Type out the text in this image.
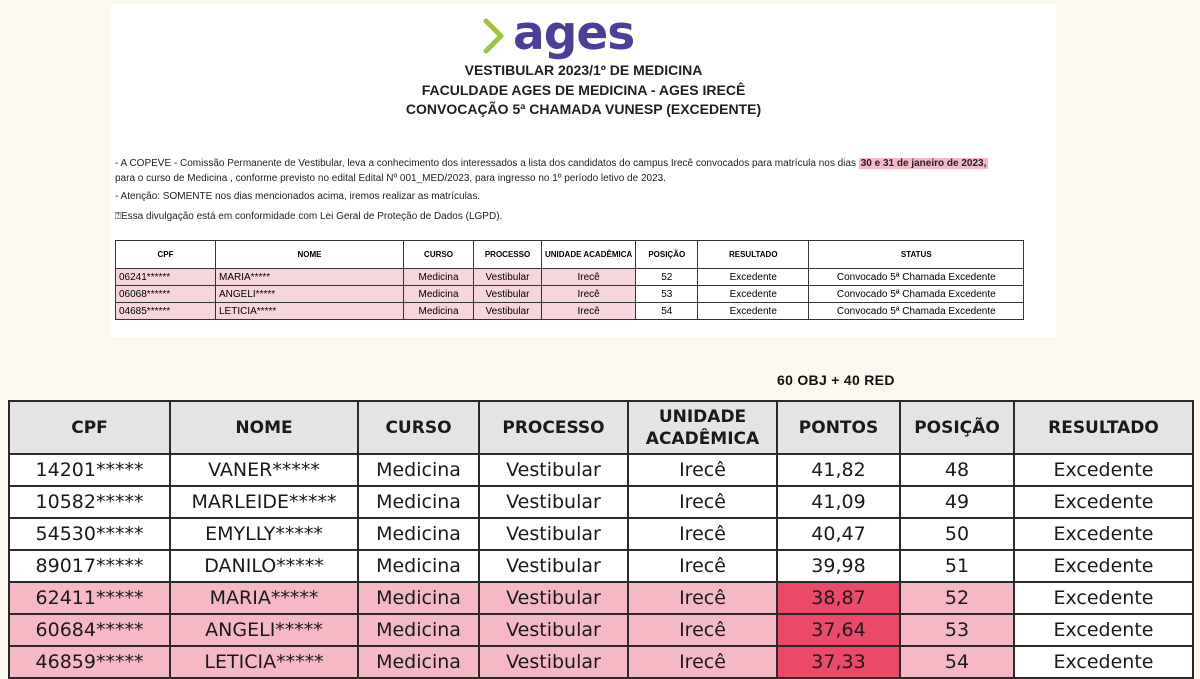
ages
VESTIBULAR 2023/1º DE MEDICINA
FACULDADE AGES DE MEDICINA - AGES IRECÊ
CONVOCAÇÃO 5ª CHAMADA VUNESP (EXCEDENTE)
- A COPEVE - Comissão Permanente de Vestibular, leva a conhecimento dos interessados a lista dos candidatos do campus Irecê convocados para matrícula nos dias 30 e 31 de janeiro de 2023,
para o curso de Medicina , conforme previsto no edital Edital Nº 001_MED/2023, para ingresso no 1º período letivo de 2023.
- Atenção: SOMENTE nos dias mencionados acima, iremos realizar as matrículas.
⍰Essa divulgação está em conformidade com Lei Geral de Proteção de Dados (LGPD).
CPF	NOME	CURSO	PROCESSO	UNIDADE ACADÊMICA	POSIÇÃO	RESULTADO	STATUS
06241******	MARIA*****	Medicina	Vestibular	Irecê	52	Excedente	Convocado 5ª Chamada Excedente
06068******	ANGELI*****	Medicina	Vestibular	Irecê	53	Excedente	Convocado 5ª Chamada Excedente
04685******	LETICIA*****	Medicina	Vestibular	Irecê	54	Excedente	Convocado 5ª Chamada Excedente
60 OBJ + 40 RED
CPF	NOME	CURSO	PROCESSO	UNIDADE ACADÊMICA	PONTOS	POSIÇÃO	RESULTADO
14201*****	VANER*****	Medicina	Vestibular	Irecê	41,82	48	Excedente
10582*****	MARLEIDE*****	Medicina	Vestibular	Irecê	41,09	49	Excedente
54530*****	EMYLLY*****	Medicina	Vestibular	Irecê	40,47	50	Excedente
89017*****	DANILO*****	Medicina	Vestibular	Irecê	39,98	51	Excedente
62411*****	MARIA*****	Medicina	Vestibular	Irecê	38,87	52	Excedente
60684*****	ANGELI*****	Medicina	Vestibular	Irecê	37,64	53	Excedente
46859*****	LETICIA*****	Medicina	Vestibular	Irecê	37,33	54	Excedente
